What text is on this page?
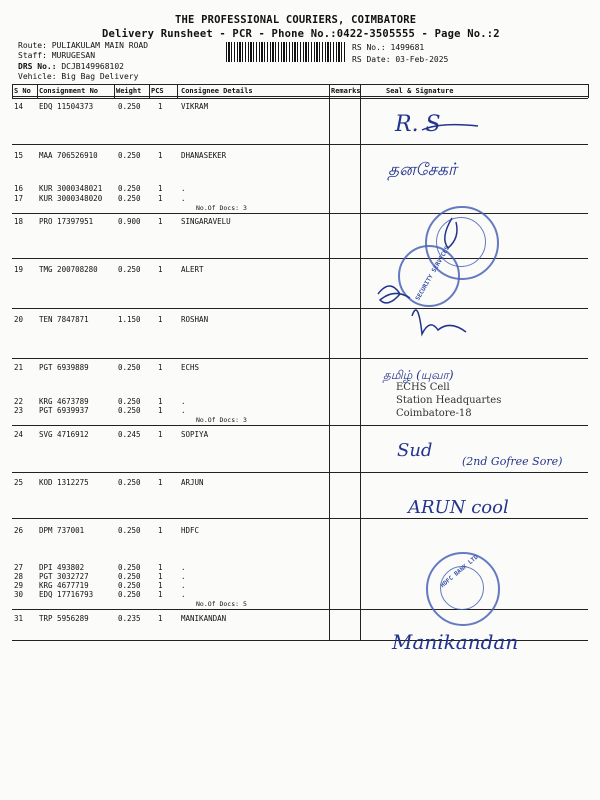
THE PROFESSIONAL COURIERS, COIMBATORE
Delivery Runsheet - PCR - Phone No.:0422-3505555 - Page No.:2
Route: PULIAKULAM MAIN ROAD
Staff: MURUGESAN
DRS No.: DCJB149968102
Vehicle: Big Bag Delivery
RS No.: 1499681
RS Date: 03-Feb-2025
S No Consignment No	Weight PCS Consignee Details	Remarks	Seal & Signature
14 EDQ 11504373	0.250 1 VIKRAM
15 MAA 706526910	0.250 1 DHANASEKER
16 KUR 3000348021 0.250 1 .
17 KUR 3000348020 0.250 1 .
No.Of Docs: 3
18 PRO 17397951	0.900 1 SINGARAVELU
19 TMG 200708280	0.250 1 ALERT
20 TEN 7847871	1.150 1 ROSHAN
21 PGT 6939889	0.250 1 ECHS
22 KRG 4673789	0.250 1 .
23 PGT 6939937	0.250 1 .
No.Of Docs: 3
24 SVG 4716912	0.245 1 SOPIYA
25 KOD 1312275	0.250 1 ARJUN
26 DPM 737001	0.250 1 HDFC
27 DPI 493802	0.250 1 .
28 PGT 3032727	0.250 1 .
29 KRG 4677719	0.250 1 .
30 EDQ 17716793	0.250 1 .
No.Of Docs: 5
31 TRP 5956289	0.235 1 MANIKANDAN
R. S
தனசேகர்
SECURITY SERVICES
தமிழ் (யுவா)
ECHS Cell
Station Headquartes
Coimbatore-18
Sud
(2nd Gofree Sore)
ARUN cool
HDFC BANK LTD
Manikandan
